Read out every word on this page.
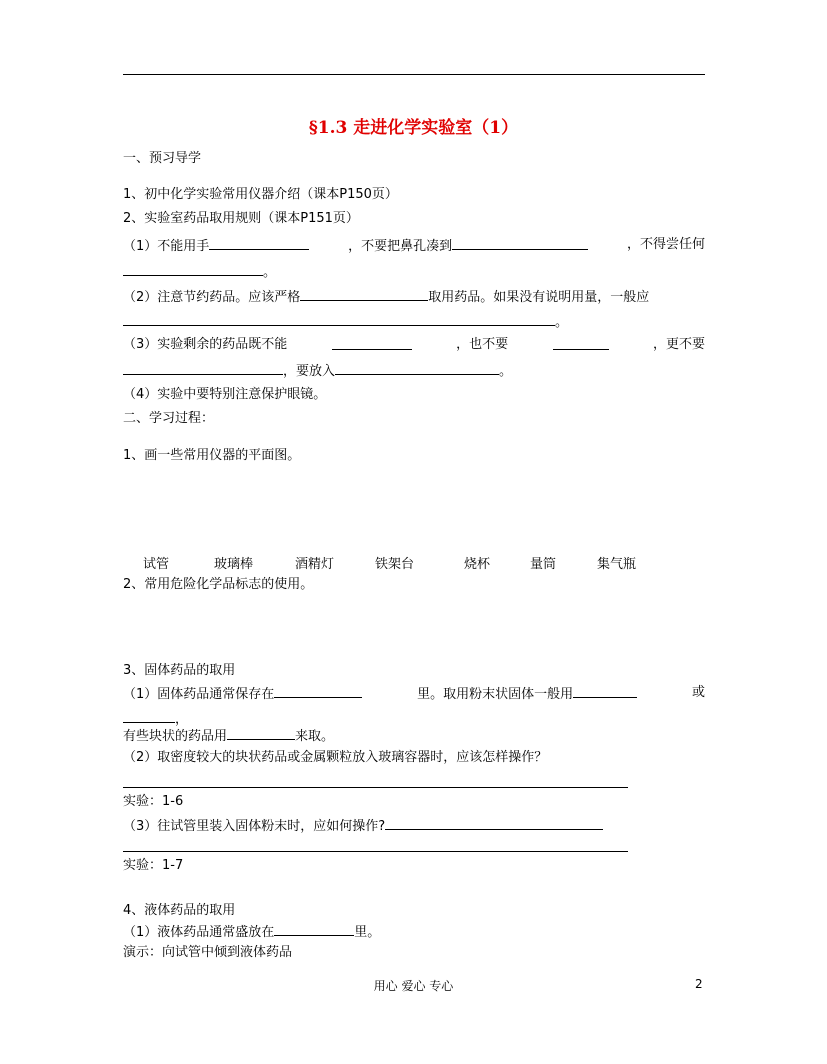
§1.3 走进化学实验室（1）
一、预习导学
1、初中化学实验常用仪器介绍（课本P150页）
2、实验室药品取用规则（课本P151页）
（1）不能用手	，不要把鼻孔凑到	，不得尝任何
。
（2）注意节约药品。应该严格	取用药品。如果没有说明用量，一般应
。
（3）实验剩余的药品既不能	，也不要	，更不要
，要放入	。
（4）实验中要特别注意保护眼镜。
二、学习过程：
1、画一些常用仪器的平面图。
试管	玻璃棒	酒精灯	铁架台	烧杯	量筒	集气瓶
2、常用危险化学品标志的使用。
3、固体药品的取用
（1）固体药品通常保存在	里。取用粉末状固体一般用	或
，
有些块状的药品用	来取。
（2）取密度较大的块状药品或金属颗粒放入玻璃容器时，应该怎样操作？
实验：1-6
（3）往试管里装入固体粉末时，应如何操作?
实验：1-7
4、液体药品的取用
（1）液体药品通常盛放在	里。
演示：向试管中倾到液体药品
用心 爱心 专心	2
